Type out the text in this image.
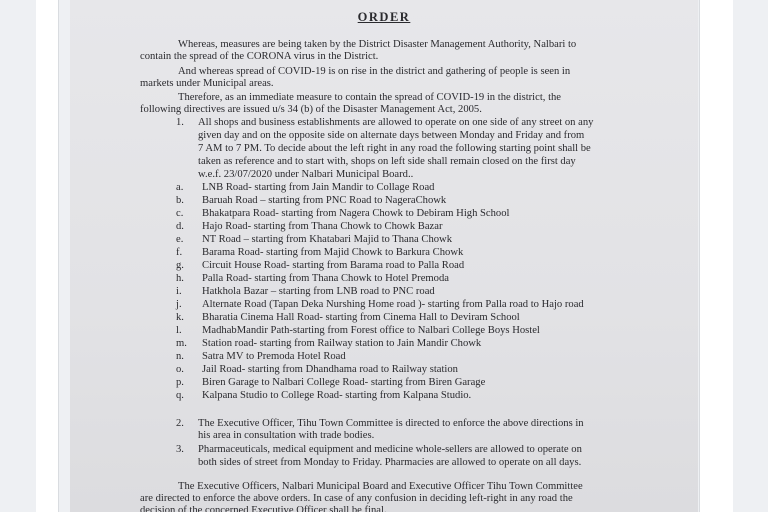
ORDER
Whereas, measures are being taken by the District Disaster Management Authority, Nalbari to
contain the spread of the CORONA virus in the District.
And whereas spread of COVID-19 is on rise in the district and gathering of people is seen in
markets under Municipal areas.
Therefore, as an immediate measure to contain the spread of COVID-19 in the district, the
following directives are issued u/s 34 (b) of the Disaster Management Act, 2005.
1. All shops and business establishments are allowed to operate on one side of any street on any
given day and on the opposite side on alternate days between Monday and Friday and from
7 AM to 7 PM. To decide about the left right in any road the following starting point shall be
taken as reference and to start with, shops on left side shall remain closed on the first day
w.e.f. 23/07/2020 under Nalbari Municipal Board..
a. LNB Road- starting from Jain Mandir to Collage Road
b. Baruah Road – starting from PNC Road to NageraChowk
c. Bhakatpara Road- starting from Nagera Chowk to Debiram High School
d. Hajo Road- starting from Thana Chowk to Chowk Bazar
e. NT Road – starting from Khatabari Majid to Thana Chowk
f. Barama Road- starting from Majid Chowk to Barkura Chowk
g. Circuit House Road- starting from Barama road to Palla Road
h. Palla Road- starting from Thana Chowk to Hotel Premoda
i. Hatkhola Bazar – starting from LNB road to PNC road
j. Alternate Road (Tapan Deka Nurshing Home road )- starting from Palla road to Hajo road
k. Bharatia Cinema Hall Road- starting from Cinema Hall to Deviram School
l. MadhabMandir Path-starting from Forest office to Nalbari College Boys Hostel
m. Station road- starting from Railway station to Jain Mandir Chowk
n. Satra MV to Premoda Hotel Road
o. Jail Road- starting from Dhandhama road to Railway station
p. Biren Garage to Nalbari College Road- starting from Biren Garage
q. Kalpana Studio to College Road- starting from Kalpana Studio.
2. The Executive Officer, Tihu Town Committee is directed to enforce the above directions in
his area in consultation with trade bodies.
3. Pharmaceuticals, medical equipment and medicine whole-sellers are allowed to operate on
both sides of street from Monday to Friday. Pharmacies are allowed to operate on all days.
The Executive Officers, Nalbari Municipal Board and Executive Officer Tihu Town Committee
are directed to enforce the above orders. In case of any confusion in deciding left-right in any road the
decision of the concerned Executive Officer shall be final.
